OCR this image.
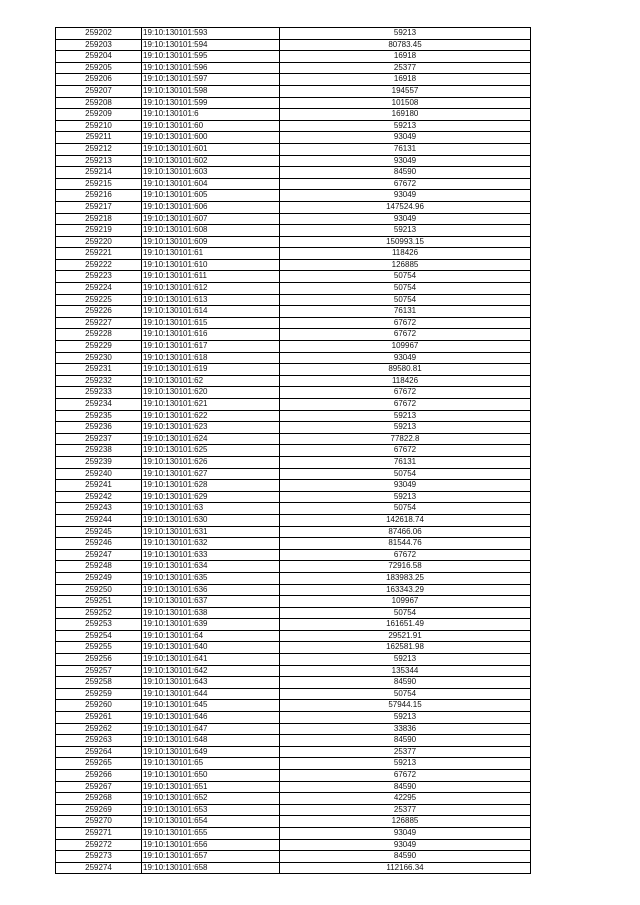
259202	19:10:130101:593	59213
259203	19:10:130101:594	80783.45
259204	19:10:130101:595	16918
259205	19:10:130101:596	25377
259206	19:10:130101:597	16918
259207	19:10:130101:598	194557
259208	19:10:130101:599	101508
259209	19:10:130101:6	169180
259210	19:10:130101:60	59213
259211	19:10:130101:600	93049
259212	19:10:130101:601	76131
259213	19:10:130101:602	93049
259214	19:10:130101:603	84590
259215	19:10:130101:604	67672
259216	19:10:130101:605	93049
259217	19:10:130101:606	147524.96
259218	19:10:130101:607	93049
259219	19:10:130101:608	59213
259220	19:10:130101:609	150993.15
259221	19:10:130101:61	118426
259222	19:10:130101:610	126885
259223	19:10:130101:611	50754
259224	19:10:130101:612	50754
259225	19:10:130101:613	50754
259226	19:10:130101:614	76131
259227	19:10:130101:615	67672
259228	19:10:130101:616	67672
259229	19:10:130101:617	109967
259230	19:10:130101:618	93049
259231	19:10:130101:619	89580.81
259232	19:10:130101:62	118426
259233	19:10:130101:620	67672
259234	19:10:130101:621	67672
259235	19:10:130101:622	59213
259236	19:10:130101:623	59213
259237	19:10:130101:624	77822.8
259238	19:10:130101:625	67672
259239	19:10:130101:626	76131
259240	19:10:130101:627	50754
259241	19:10:130101:628	93049
259242	19:10:130101:629	59213
259243	19:10:130101:63	50754
259244	19:10:130101:630	142618.74
259245	19:10:130101:631	87466.06
259246	19:10:130101:632	81544.76
259247	19:10:130101:633	67672
259248	19:10:130101:634	72916.58
259249	19:10:130101:635	183983.25
259250	19:10:130101:636	163343.29
259251	19:10:130101:637	109967
259252	19:10:130101:638	50754
259253	19:10:130101:639	161651.49
259254	19:10:130101:64	29521.91
259255	19:10:130101:640	162581.98
259256	19:10:130101:641	59213
259257	19:10:130101:642	135344
259258	19:10:130101:643	84590
259259	19:10:130101:644	50754
259260	19:10:130101:645	57944.15
259261	19:10:130101:646	59213
259262	19:10:130101:647	33836
259263	19:10:130101:648	84590
259264	19:10:130101:649	25377
259265	19:10:130101:65	59213
259266	19:10:130101:650	67672
259267	19:10:130101:651	84590
259268	19:10:130101:652	42295
259269	19:10:130101:653	25377
259270	19:10:130101:654	126885
259271	19:10:130101:655	93049
259272	19:10:130101:656	93049
259273	19:10:130101:657	84590
259274	19:10:130101:658	112166.34
